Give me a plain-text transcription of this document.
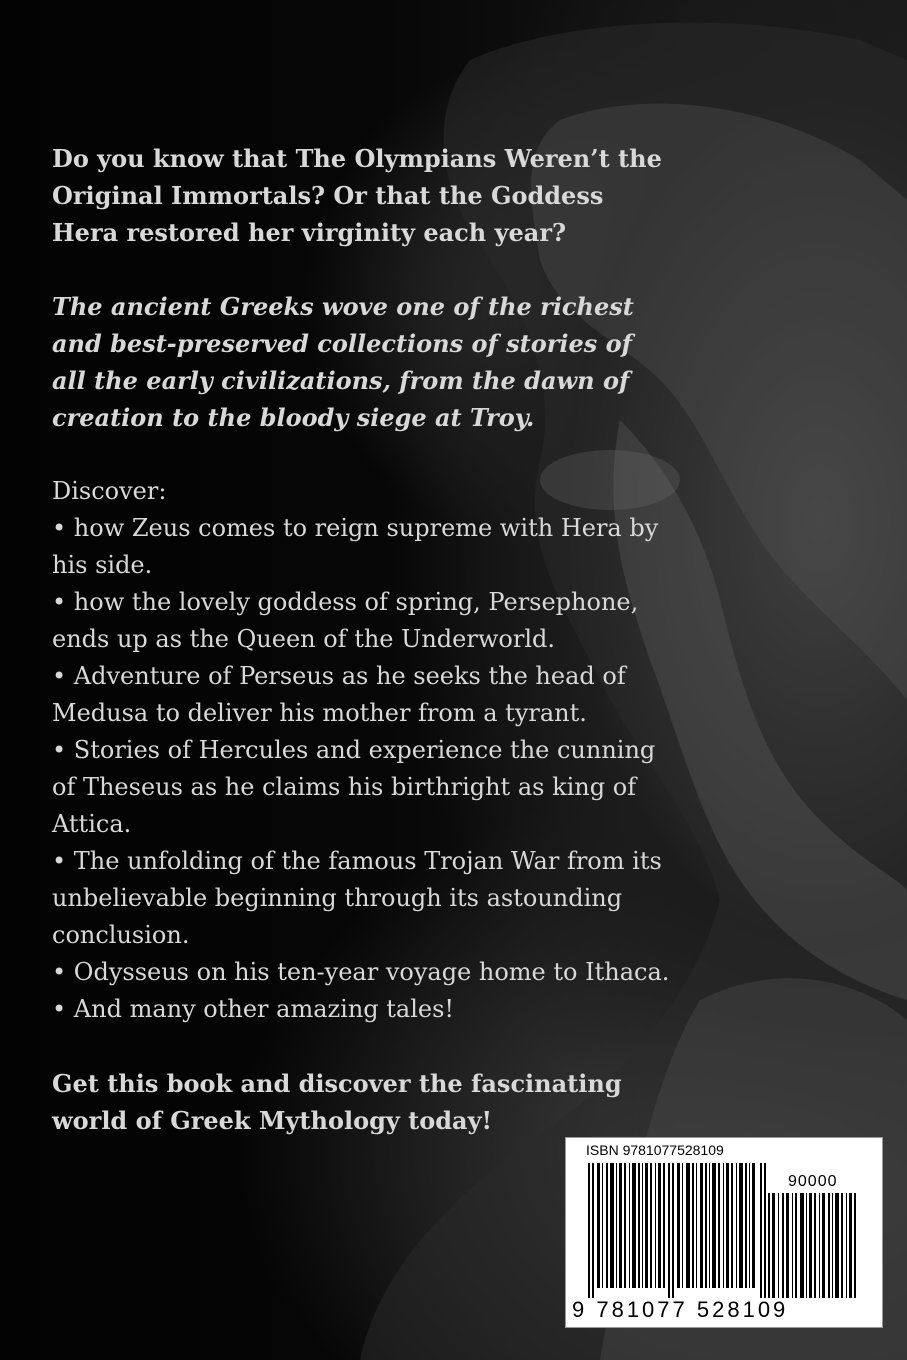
Do you know that The Olympians Weren’t the Original Immortals? Or that the Goddess Hera restored her virginity each year?

The ancient Greeks wove one of the richest and best-preserved collections of stories of all the early civilizations, from the dawn of creation to the bloody siege at Troy.

Discover:

• how Zeus comes to reign supreme with Hera by his side.

• how the lovely goddess of spring, Persephone, ends up as the Queen of the Underworld.

• Adventure of Perseus as he seeks the head of Medusa to deliver his mother from a tyrant.

• Stories of Hercules and experience the cunning of Theseus as he claims his birthright as king of Attica.

• The unfolding of the famous Trojan War from its unbelievable beginning through its astounding conclusion.

• Odysseus on his ten-year voyage home to Ithaca.

• And many other amazing tales!

Get this book and discover the fascinating world of Greek Mythology today!

ISBN 9781077528109
90000
9 781077 528109
